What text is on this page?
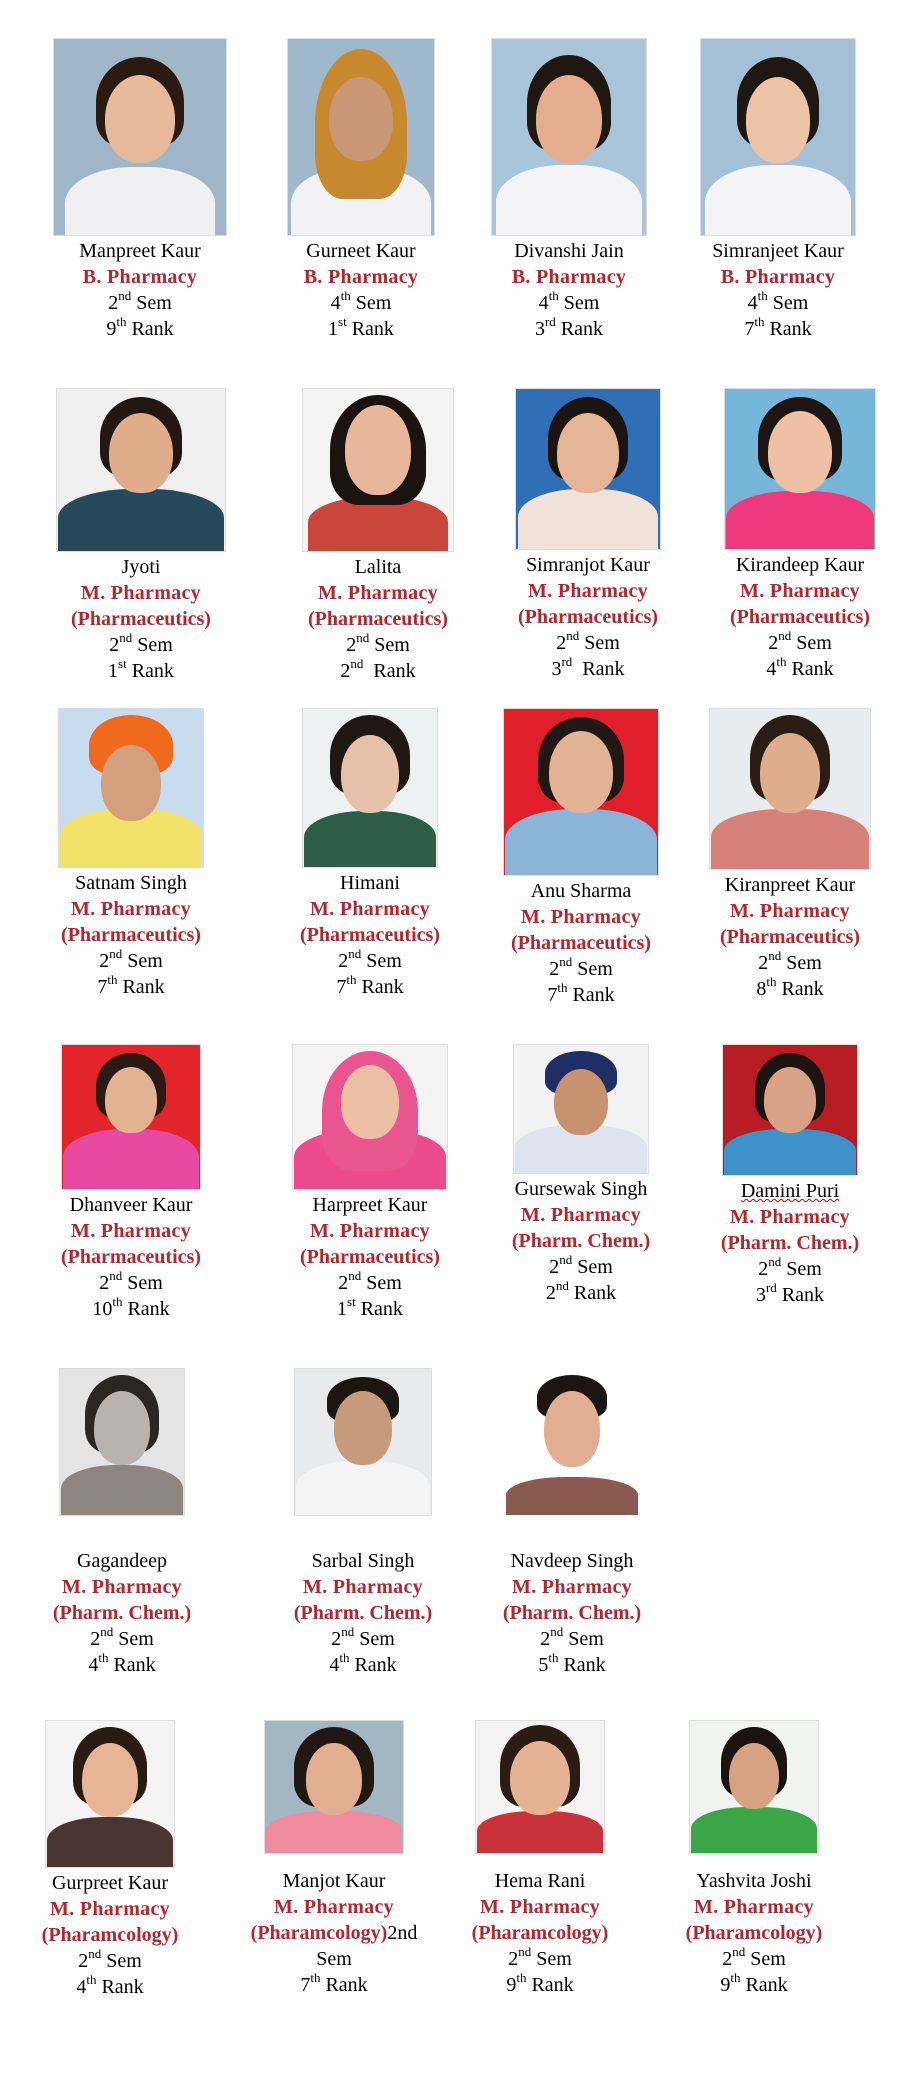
Manpreet Kaur
B. Pharmacy
2nd Sem
9th Rank
Gurneet Kaur
B. Pharmacy
4th Sem
1st Rank
Divanshi Jain
B. Pharmacy
4th Sem
3rd Rank
Simranjeet Kaur
B. Pharmacy
4th Sem
7th Rank
Jyoti
M. Pharmacy
(Pharmaceutics)
2nd Sem
1st Rank
Lalita
M. Pharmacy
(Pharmaceutics)
2nd Sem
2nd Rank
Simranjot Kaur
M. Pharmacy
(Pharmaceutics)
2nd Sem
3rd Rank
Kirandeep Kaur
M. Pharmacy
(Pharmaceutics)
2nd Sem
4th Rank
Satnam Singh
M. Pharmacy
(Pharmaceutics)
2nd Sem
7th Rank
Himani
M. Pharmacy
(Pharmaceutics)
2nd Sem
7th Rank
Anu Sharma
M. Pharmacy
(Pharmaceutics)
2nd Sem
7th Rank
Kiranpreet Kaur
M. Pharmacy
(Pharmaceutics)
2nd Sem
8th Rank
Dhanveer Kaur
M. Pharmacy
(Pharmaceutics)
2nd Sem
10th Rank
Harpreet Kaur
M. Pharmacy
(Pharmaceutics)
2nd Sem
1st Rank
Gursewak Singh
M. Pharmacy
(Pharm. Chem.)
2nd Sem
2nd Rank
Damini Puri
M. Pharmacy
(Pharm. Chem.)
2nd Sem
3rd Rank
Gagandeep
M. Pharmacy
(Pharm. Chem.)
2nd Sem
4th Rank
Sarbal Singh
M. Pharmacy
(Pharm. Chem.)
2nd Sem
4th Rank
Navdeep Singh
M. Pharmacy
(Pharm. Chem.)
2nd Sem
5th Rank
Gurpreet Kaur
M. Pharmacy
(Pharamcology)
2nd Sem
4th Rank
Manjot Kaur
M. Pharmacy
(Pharamcology)2nd
Sem
7th Rank
Hema Rani
M. Pharmacy
(Pharamcology)
2nd Sem
9th Rank
Yashvita Joshi
M. Pharmacy
(Pharamcology)
2nd Sem
9th Rank
